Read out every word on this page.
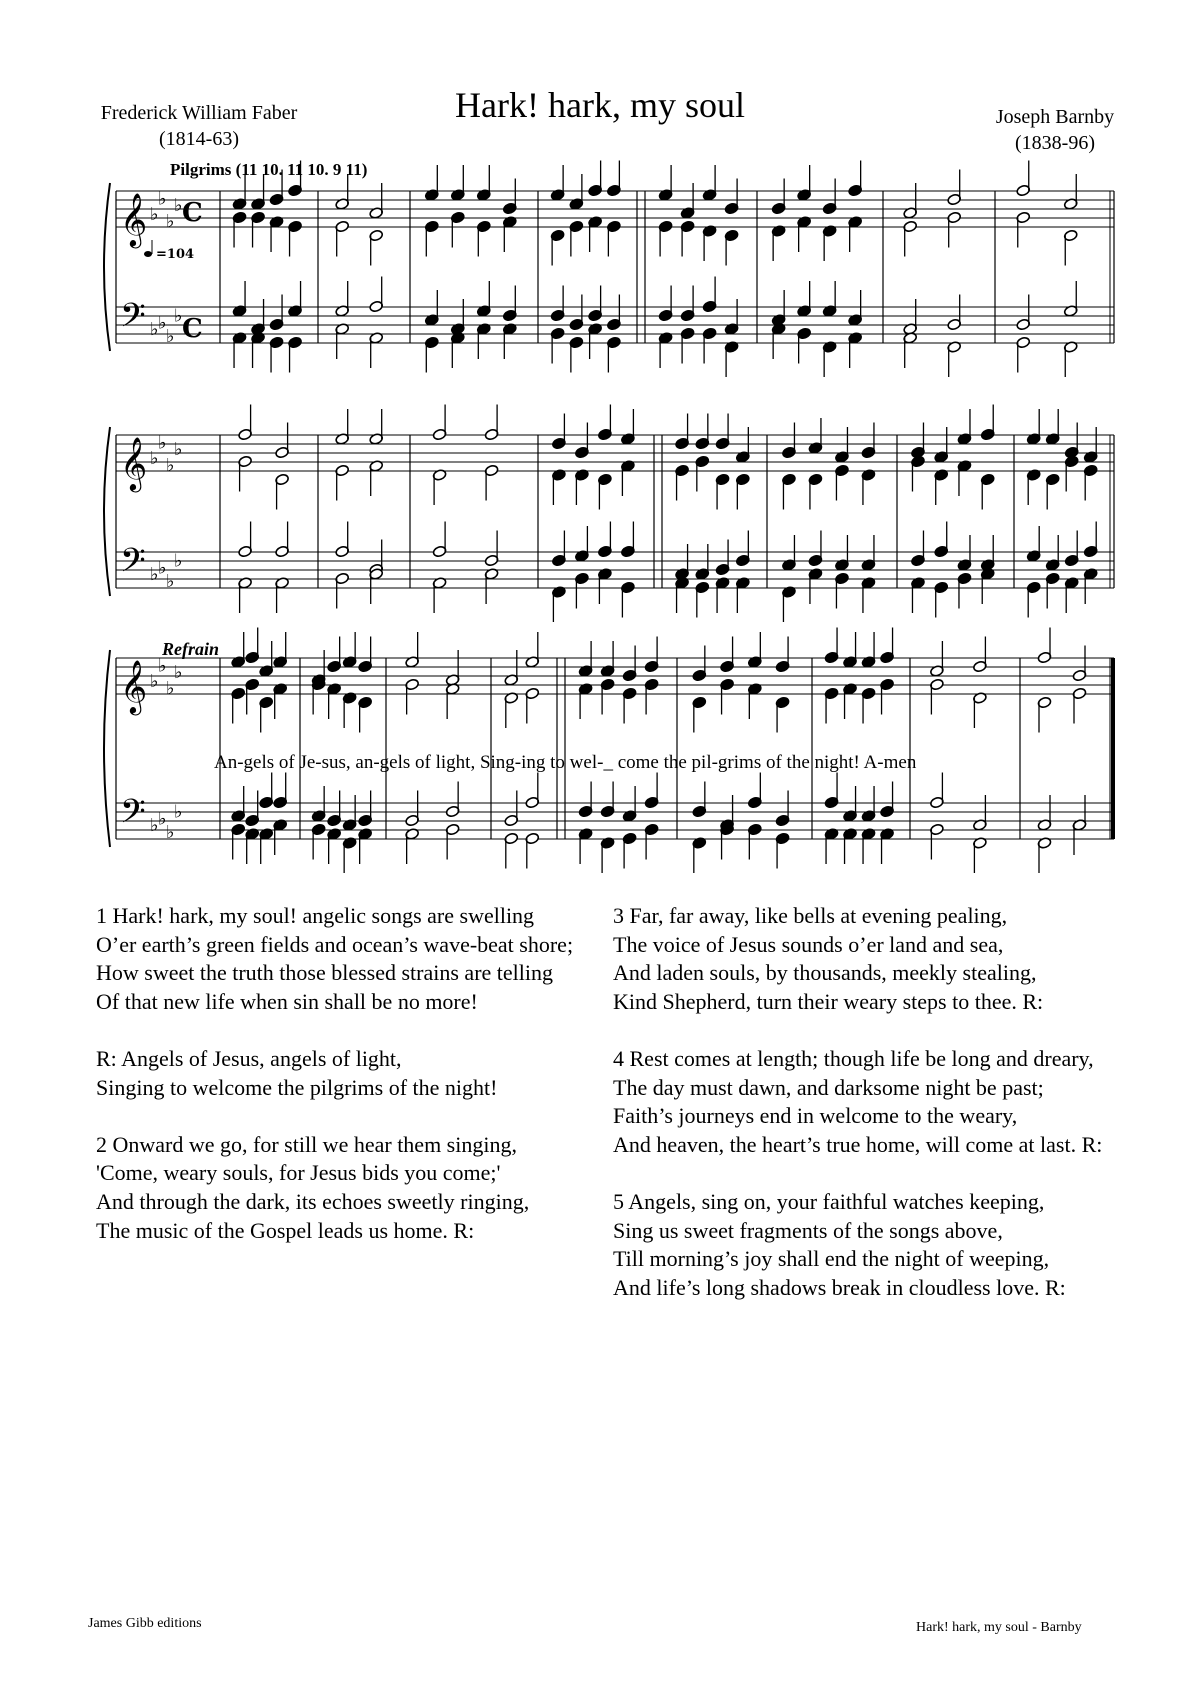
Hark! hark, my soul
Frederick William Faber
(1814-63)
Joseph Barnby
(1838-96)
Pilgrims (11 10. 11 10. 9 11)
Refrain
An-gels of Je-sus, an-gels of light, Sing-ing to wel-_ come the pil-grims of the night! A-men
𝄞
𝄢
♭
♭
♭
♭
♭ ♭
♭
♭
C
C
=104
𝄞
𝄢
♭
♭
♭
♭
♭ ♭
♭
♭
𝄞
𝄢
♭
♭
♭
♭
♭ ♭
♭
♭

1 Hark! hark, my soul! angelic songs are swelling
O’er earth’s green fields and ocean’s wave-beat shore;
How sweet the truth those blessed strains are telling
Of that new life when sin shall be no more!

R: Angels of Jesus, angels of light,
Singing to welcome the pilgrims of the night!

2 Onward we go, for still we hear them singing,
'Come, weary souls, for Jesus bids you come;'
And through the dark, its echoes sweetly ringing,
The music of the Gospel leads us home. R:

3 Far, far away, like bells at evening pealing,
The voice of Jesus sounds o’er land and sea,
And laden souls, by thousands, meekly stealing,
Kind Shepherd, turn their weary steps to thee. R:

4 Rest comes at length; though life be long and dreary,
The day must dawn, and darksome night be past;
Faith’s journeys end in welcome to the weary,
And heaven, the heart’s true home, will come at last. R:

5 Angels, sing on, your faithful watches keeping,
Sing us sweet fragments of the songs above,
Till morning’s joy shall end the night of weeping,
And life’s long shadows break in cloudless love. R:

James Gibb editions	Hark! hark, my soul - Barnby
